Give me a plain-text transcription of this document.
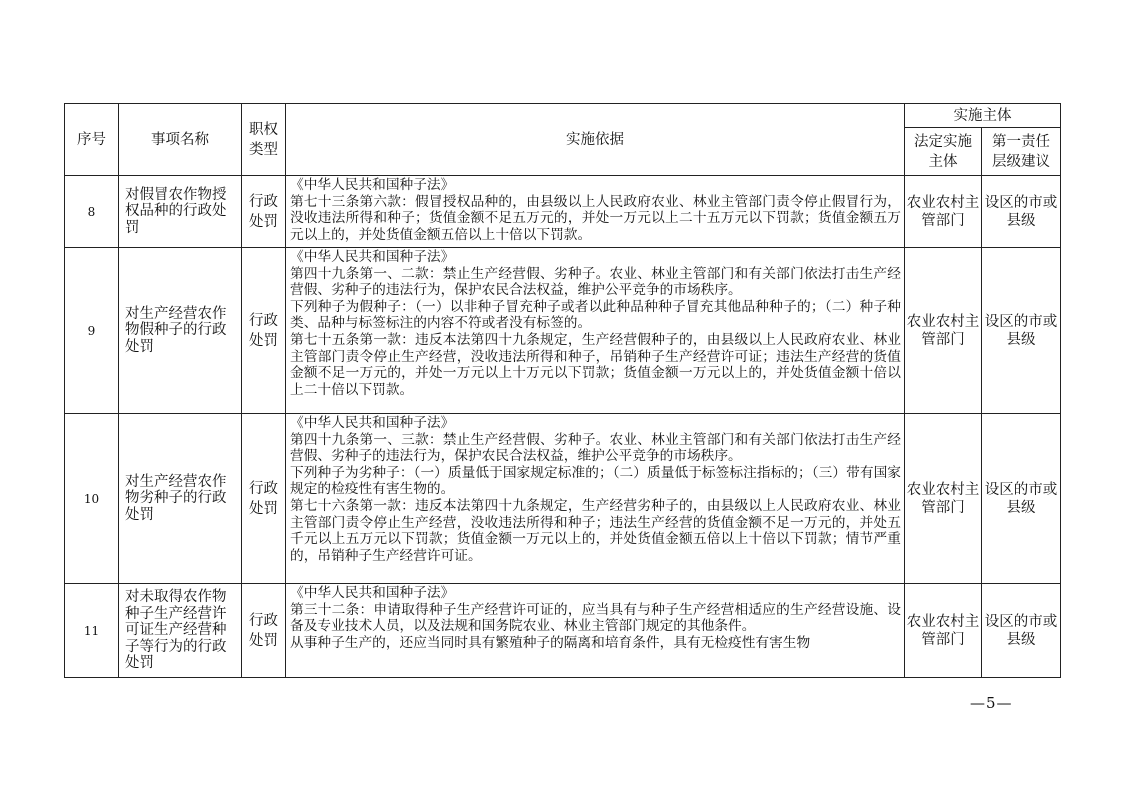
序号	事项名称	职权类型	实施依据	实施主体	
				法定实施主体	第一责任层级建议
8	对假冒农作物授权品种的行政处罚	行政处罚	《中华人民共和国种子法》

第七十三条第六款：假冒授权品种的，由县级以上人民政府农业、林业主管部门责令停止假冒行为，没收违法所得和种子；货值金额不足五万元的，并处一万元以上二十五万元以下罚款；货值金额五万元以上的，并处货值金额五倍以上十倍以下罚款。	农业农村主管部门	设区的市或县级
9	对生产经营农作物假种子的行政处罚	行政处罚	《中华人民共和国种子法》

第四十九条第一、二款：禁止生产经营假、劣种子。农业、林业主管部门和有关部门依法打击生产经营假、劣种子的违法行为，保护农民合法权益，维护公平竞争的市场秩序。

下列种子为假种子：（一）以非种子冒充种子或者以此种品种种子冒充其他品种种子的；（二）种子种类、品种与标签标注的内容不符或者没有标签的。

第七十五条第一款：违反本法第四十九条规定，生产经营假种子的，由县级以上人民政府农业、林业主管部门责令停止生产经营，没收违法所得和种子，吊销种子生产经营许可证；违法生产经营的货值金额不足一万元的，并处一万元以上十万元以下罚款；货值金额一万元以上的，并处货值金额十倍以上二十倍以下罚款。	农业农村主管部门	设区的市或县级
10	对生产经营农作物劣种子的行政处罚	行政处罚	《中华人民共和国种子法》

第四十九条第一、三款：禁止生产经营假、劣种子。农业、林业主管部门和有关部门依法打击生产经营假、劣种子的违法行为，保护农民合法权益，维护公平竞争的市场秩序。

下列种子为劣种子：（一）质量低于国家规定标准的；（二）质量低于标签标注指标的；（三）带有国家规定的检疫性有害生物的。

第七十六条第一款：违反本法第四十九条规定，生产经营劣种子的，由县级以上人民政府农业、林业主管部门责令停止生产经营，没收违法所得和种子；违法生产经营的货值金额不足一万元的，并处五千元以上五万元以下罚款；货值金额一万元以上的，并处货值金额五倍以上十倍以下罚款；情节严重的，吊销种子生产经营许可证。	农业农村主管部门	设区的市或县级
11	对未取得农作物种子生产经营许可证生产经营种子等行为的行政处罚	行政处罚	《中华人民共和国种子法》

第三十二条：申请取得种子生产经营许可证的，应当具有与种子生产经营相适应的生产经营设施、设备及专业技术人员，以及法规和国务院农业、林业主管部门规定的其他条件。

从事种子生产的，还应当同时具有繁殖种子的隔离和培育条件，具有无检疫性有害生物	农业农村主管部门	设区的市或县级
—5—
